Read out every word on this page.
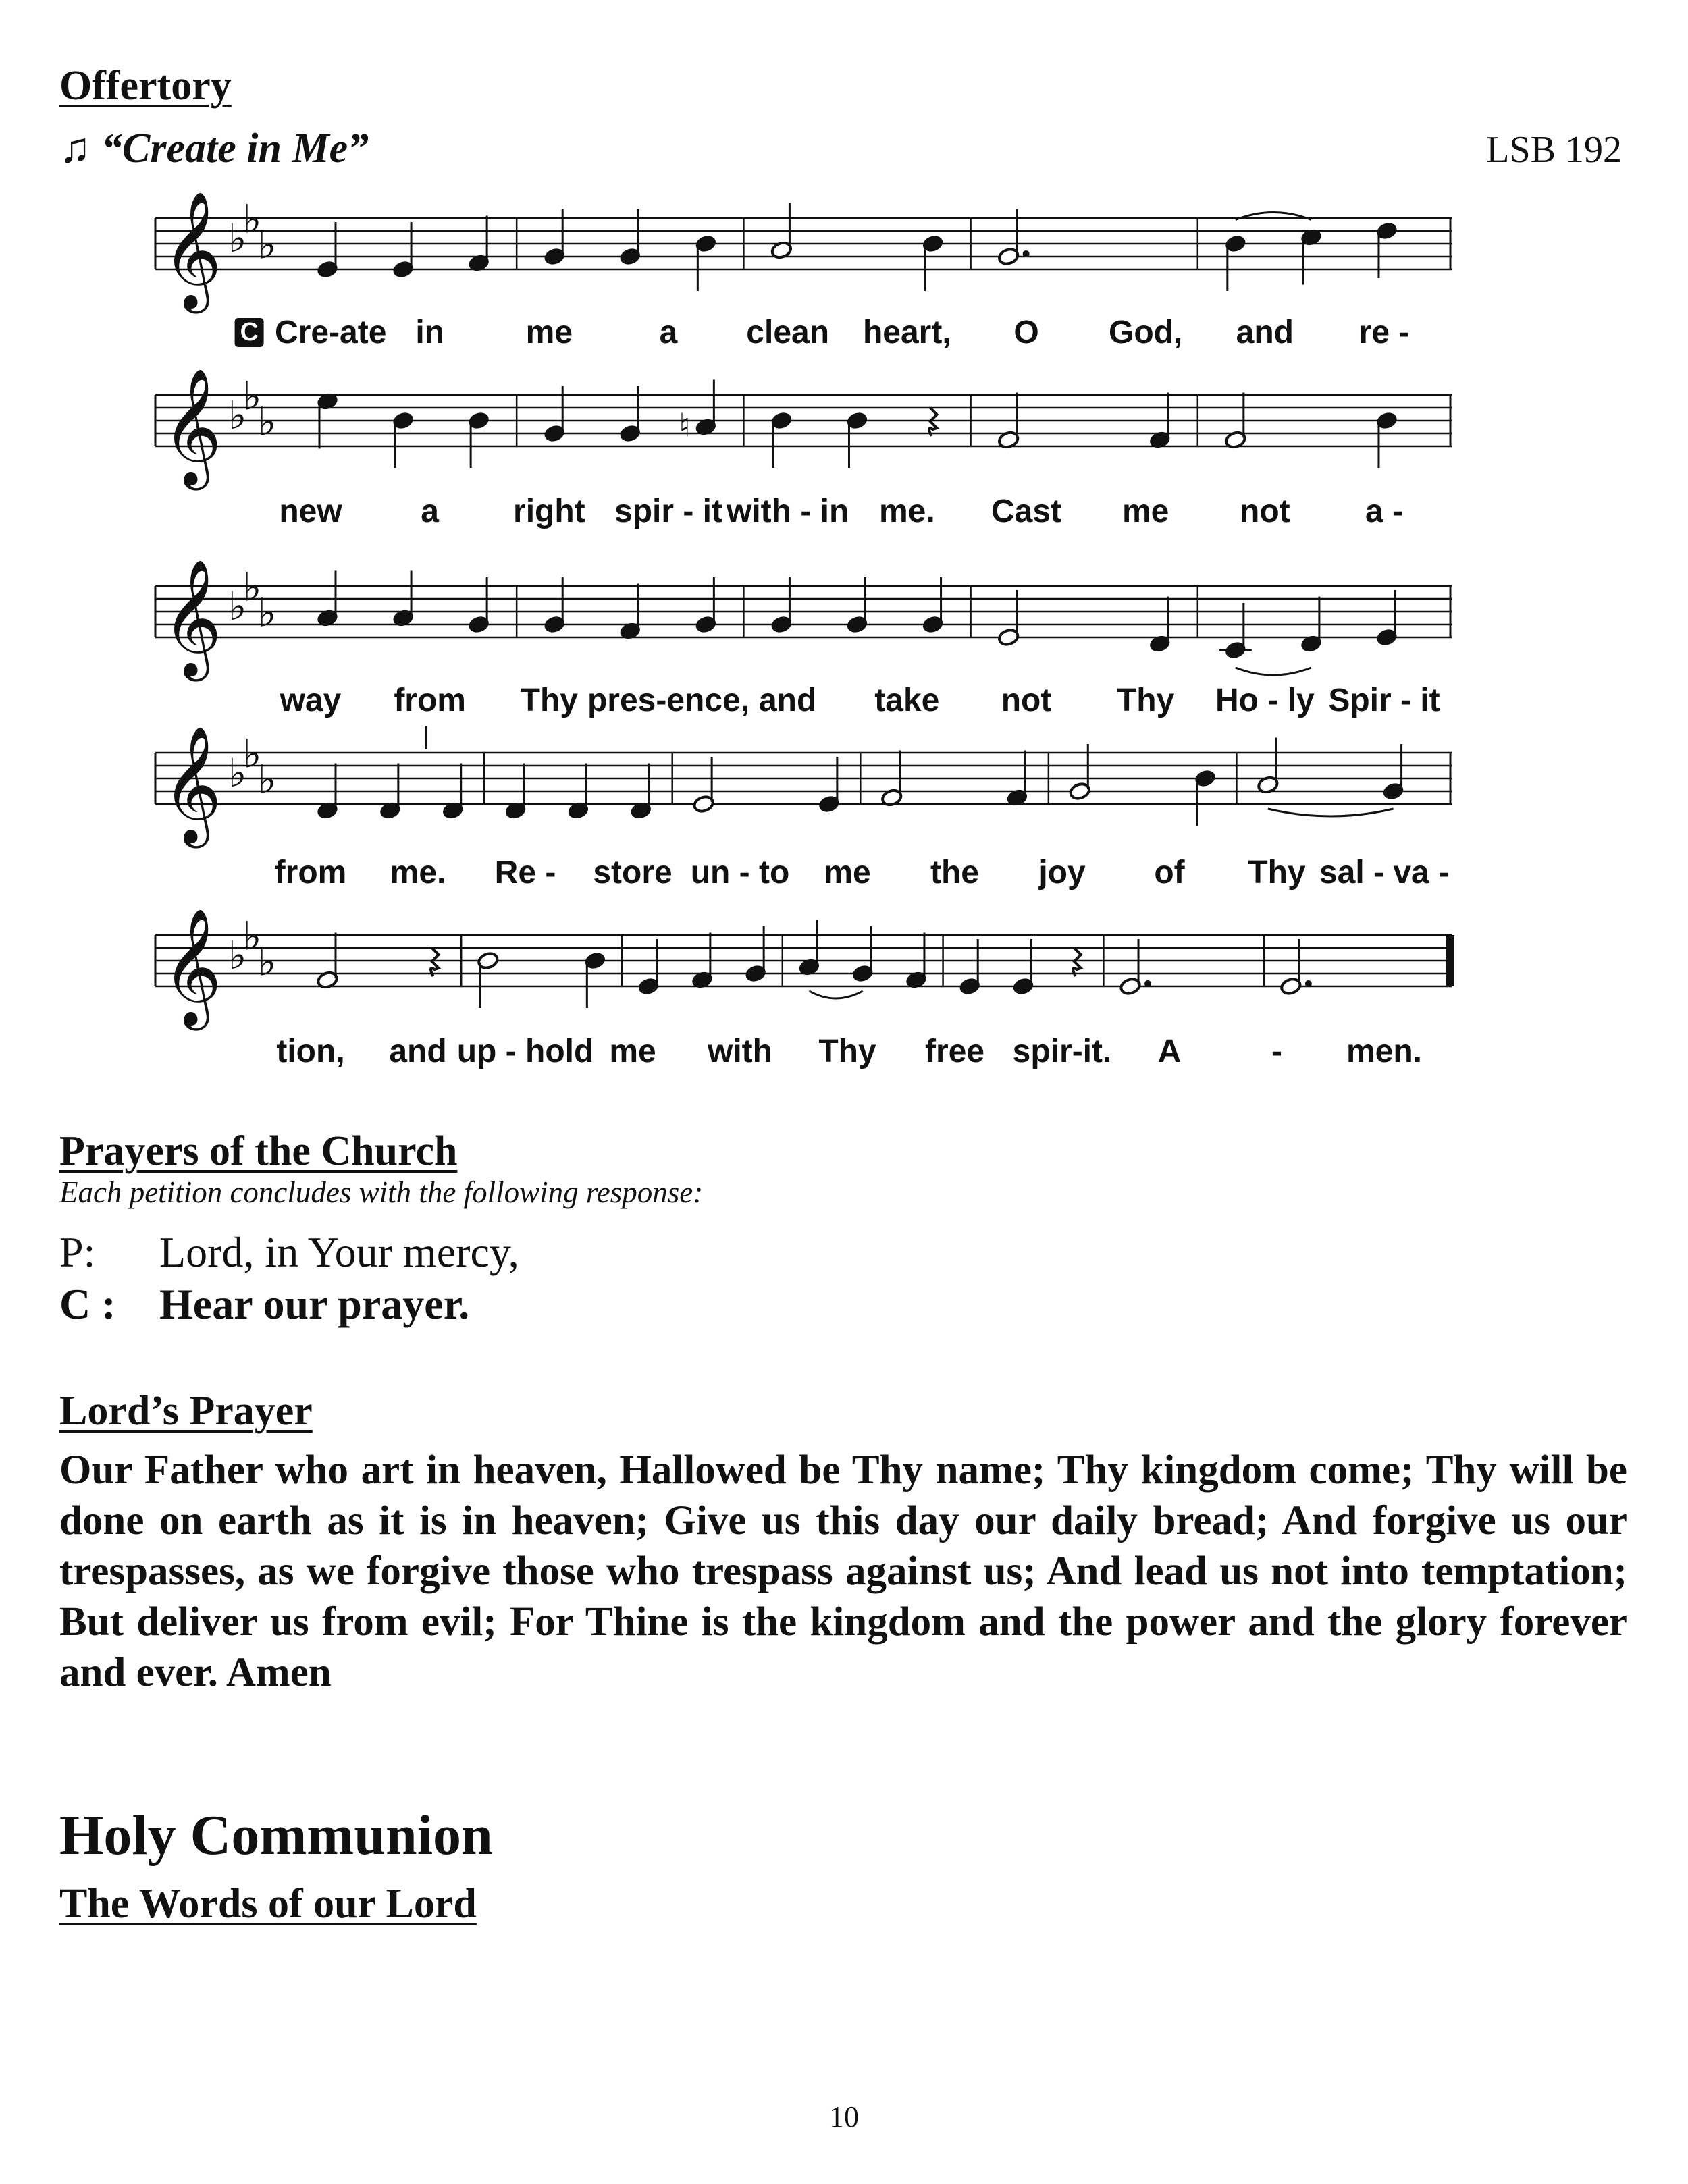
Offertory
♫ “Create in Me”	LSB 192
𝄞 ♭
♭
♭
C Cre-ate in	me	a clean heart, O God, and re -
𝄞 ♭
♭
♭	♮
new a right spir - it with - in me. Cast me not a -
𝄞 ♭
♭
♭
way from Thy pres-ence, and take not Thy Ho - ly Spir - it
𝄞 ♭
♭
♭
from me. Re - store un - to me the joy of Thy sal - va -
𝄞 ♭
♭
♭
tion, and up - hold me with Thy free spir-it. A	- men.
Prayers of the Church
Each petition concludes with the following response:
P: Lord, in Your mercy,
C : Hear our prayer.
Lord’s Prayer
Our Father who art in heaven, Hallowed be Thy name; Thy kingdom come; Thy will be done on earth as it is in heaven; Give us this day our daily bread; And forgive us our trespasses, as we forgive those who trespass against us; And lead us not into temptation; But deliver us from evil; For Thine is the kingdom and the power and the glory forever and ever. Amen
Holy Communion
The Words of our Lord
10
